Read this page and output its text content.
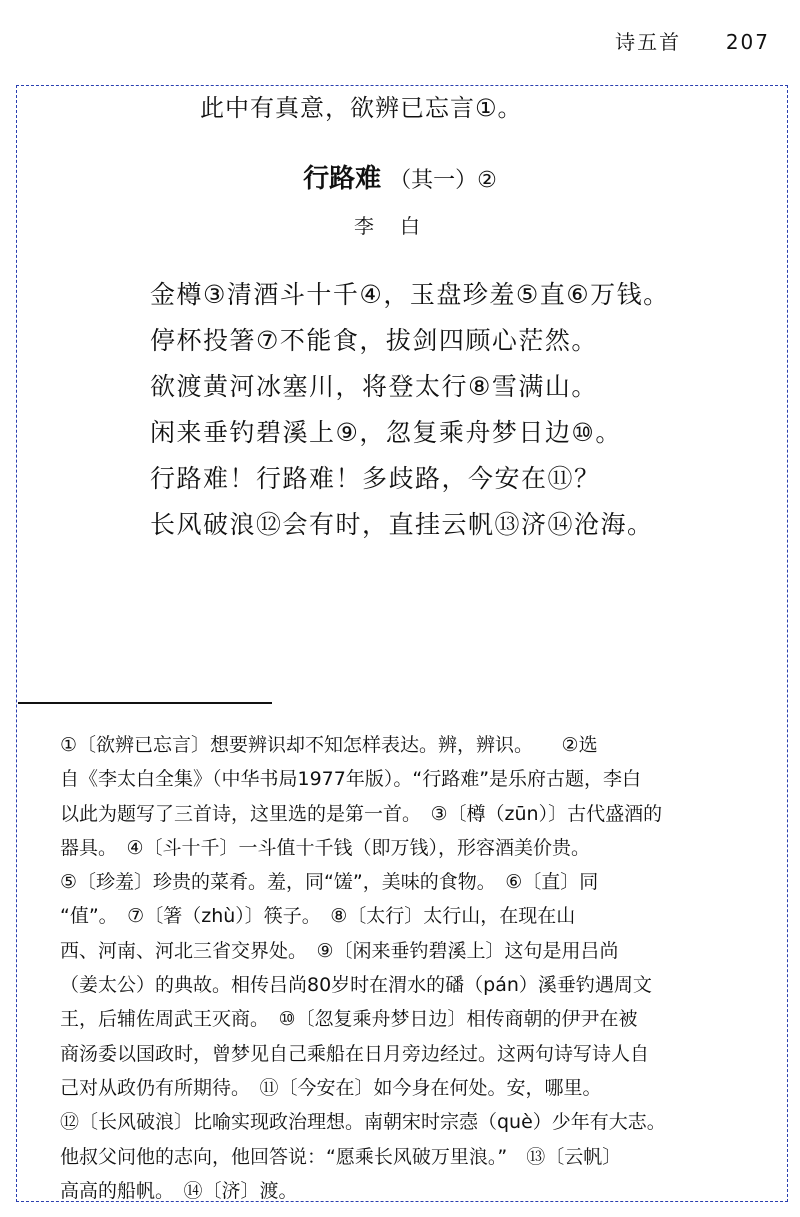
诗五首 207
此中有真意，欲辨已忘言①。
行路难 （其一）②
李白
金樽③清酒斗十千④，玉盘珍羞⑤直⑥万钱。
停杯投箸⑦不能食，拔剑四顾心茫然。
欲渡黄河冰塞川，将登太行⑧雪满山。
闲来垂钓碧溪上⑨，忽复乘舟梦日边⑩。
行路难！行路难！多歧路，今安在⑪？
长风破浪⑫会有时，直挂云帆⑬济⑭沧海。
①〔欲辨已忘言〕想要辨识却不知怎样表达。辨，辨识。　　②选
自《李太白全集》（中华书局1977年版）。“行路难”是乐府古题，李白
以此为题写了三首诗，这里选的是第一首。　③〔樽（zūn）〕古代盛酒的
器具。　④〔斗十千〕一斗值十千钱（即万钱），形容酒美价贵。
⑤〔珍羞〕珍贵的菜肴。羞，同“馐”，美味的食物。　⑥〔直〕同
“值”。　⑦〔箸（zhù）〕筷子。　⑧〔太行〕太行山，在现在山
西、河南、河北三省交界处。　⑨〔闲来垂钓碧溪上〕这句是用吕尚
（姜太公）的典故。相传吕尚80岁时在渭水的磻（pán）溪垂钓遇周文
王，后辅佐周武王灭商。　⑩〔忽复乘舟梦日边〕相传商朝的伊尹在被
商汤委以国政时，曾梦见自己乘船在日月旁边经过。这两句诗写诗人自
己对从政仍有所期待。　⑪〔今安在〕如今身在何处。安，哪里。
⑫〔长风破浪〕比喻实现政治理想。南朝宋时宗悫（què）少年有大志。
他叔父问他的志向，他回答说：“愿乘长风破万里浪。”　⑬〔云帆〕
高高的船帆。　⑭〔济〕渡。
